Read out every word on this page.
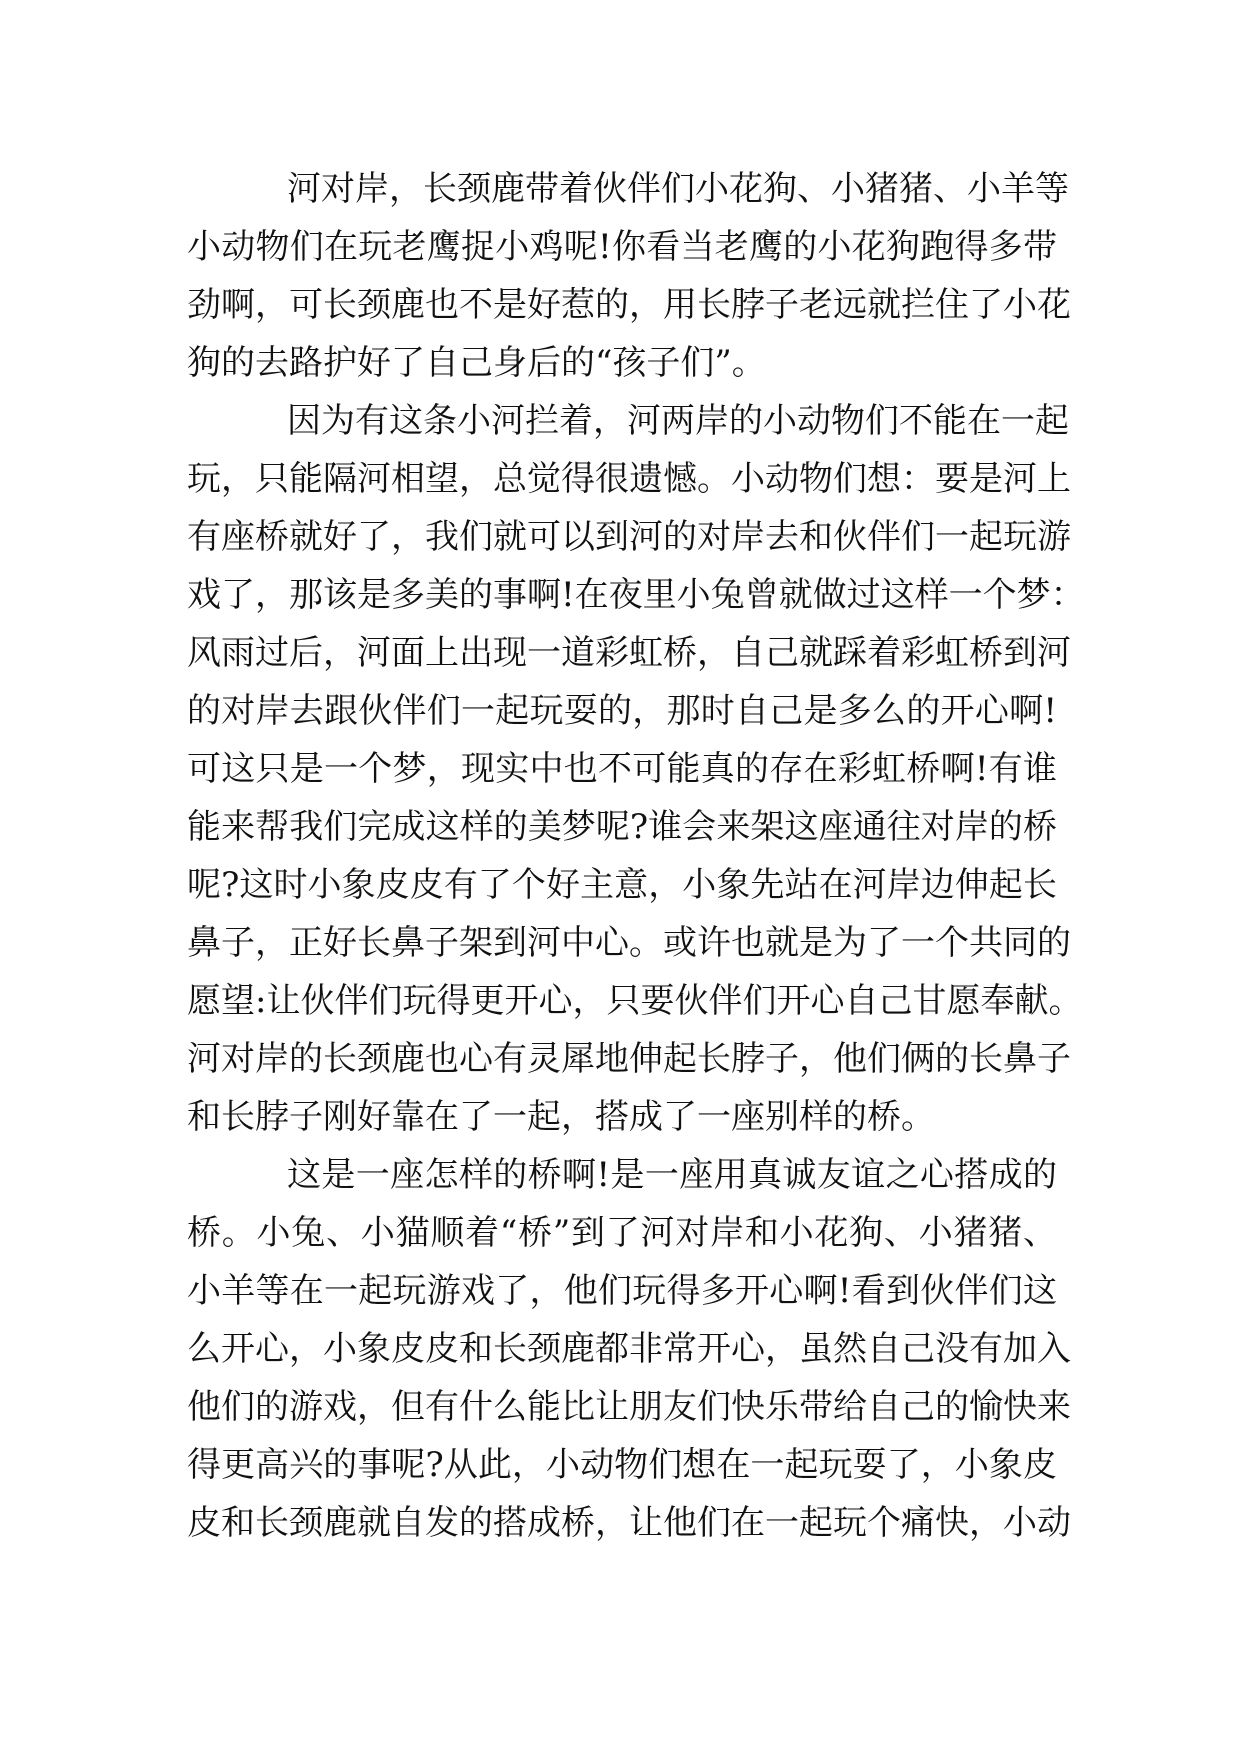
河对岸，长颈鹿带着伙伴们小花狗、小猪猪、小羊等
小动物们在玩老鹰捉小鸡呢!你看当老鹰的小花狗跑得多带
劲啊，可长颈鹿也不是好惹的，用长脖子老远就拦住了小花
狗的去路护好了自己身后的“孩子们”。
因为有这条小河拦着，河两岸的小动物们不能在一起
玩，只能隔河相望，总觉得很遗憾。小动物们想：要是河上
有座桥就好了，我们就可以到河的对岸去和伙伴们一起玩游
戏了，那该是多美的事啊!在夜里小兔曾就做过这样一个梦：
风雨过后，河面上出现一道彩虹桥，自己就踩着彩虹桥到河
的对岸去跟伙伴们一起玩耍的，那时自己是多么的开心啊!
可这只是一个梦，现实中也不可能真的存在彩虹桥啊!有谁
能来帮我们完成这样的美梦呢?谁会来架这座通往对岸的桥
呢?这时小象皮皮有了个好主意，小象先站在河岸边伸起长
鼻子，正好长鼻子架到河中心。或许也就是为了一个共同的
愿望:让伙伴们玩得更开心，只要伙伴们开心自己甘愿奉献。
河对岸的长颈鹿也心有灵犀地伸起长脖子，他们俩的长鼻子
和长脖子刚好靠在了一起，搭成了一座别样的桥。
这是一座怎样的桥啊!是一座用真诚友谊之心搭成的
桥。小兔、小猫顺着“桥”到了河对岸和小花狗、小猪猪、
小羊等在一起玩游戏了，他们玩得多开心啊!看到伙伴们这
么开心，小象皮皮和长颈鹿都非常开心，虽然自己没有加入
他们的游戏，但有什么能比让朋友们快乐带给自己的愉快来
得更高兴的事呢?从此，小动物们想在一起玩耍了，小象皮
皮和长颈鹿就自发的搭成桥，让他们在一起玩个痛快，小动
